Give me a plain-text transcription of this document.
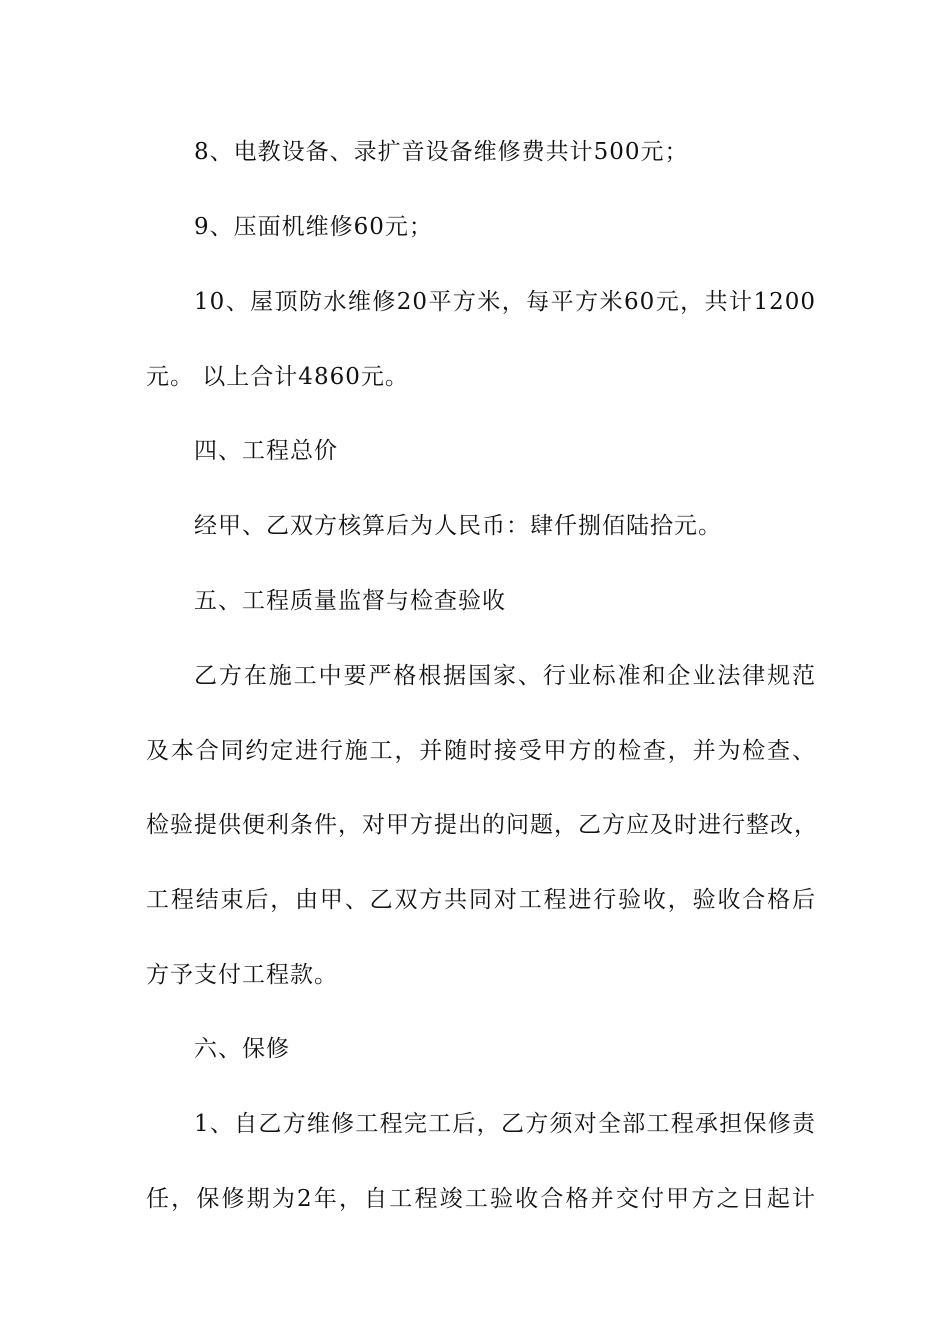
8、电教设备、录扩音设备维修费共计500元；

9、压面机维修60元；

10、屋顶防水维修20平方米，每平方米60元，共计1200

元。 以上合计4860元。

四、工程总价

经甲、乙双方核算后为人民币：肆仟捌佰陆拾元。

五、工程质量监督与检查验收

乙方在施工中要严格根据国家、行业标准和企业法律规范

及本合同约定进行施工，并随时接受甲方的检查，并为检查、

检验提供便利条件，对甲方提出的问题，乙方应及时进行整改，

工程结束后，由甲、乙双方共同对工程进行验收，验收合格后

方予支付工程款。

六、保修

1、自乙方维修工程完工后，乙方须对全部工程承担保修责

任，保修期为2年，自工程竣工验收合格并交付甲方之日起计
